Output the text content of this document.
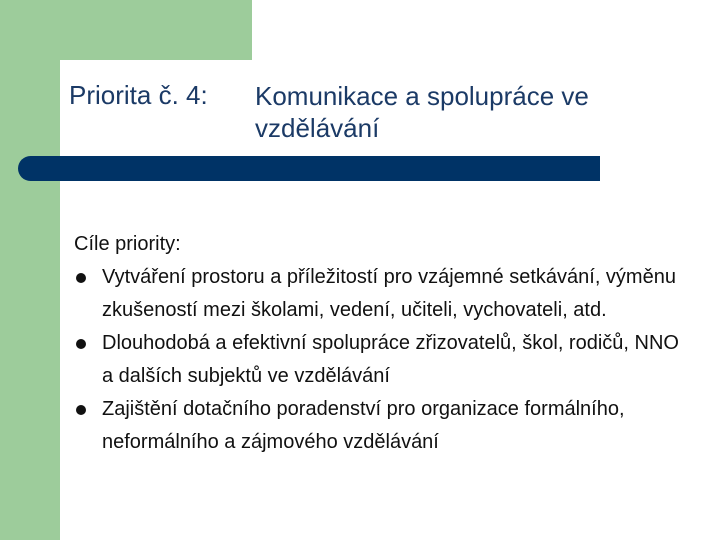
Priorita č. 4: Komunikace a spolupráce ve vzdělávání
Cíle priority:
Vytváření prostoru a příležitostí pro vzájemné setkávání, výměnu zkušeností mezi školami, vedení, učiteli, vychovateli, atd.
Dlouhodobá a efektivní spolupráce zřizovatelů, škol, rodičů, NNO a dalších subjektů ve vzdělávání
Zajištění dotačního poradenství pro organizace formálního, neformálního a zájmového vzdělávání
